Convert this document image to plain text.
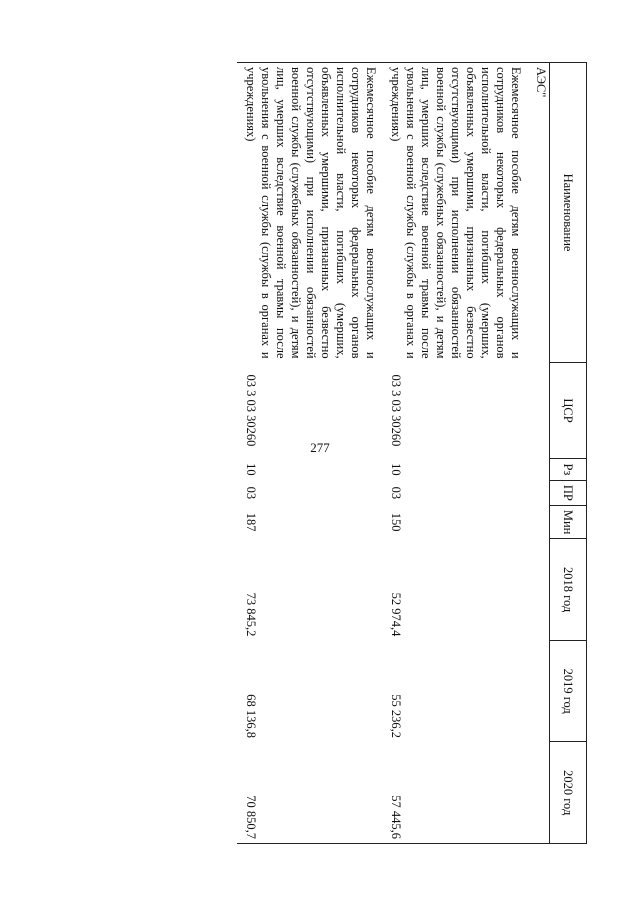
277
Наименование	ЦСР	Рз	ПР	Мин	2018 год	2019 год	2020 год
АЭС"							
Ежемесячное пособие детям военнослужащих и сотрудников некоторых федеральных органов исполнительной власти, погибших (умерших, объявленных умершими, признанных безвестно отсутствующими) при исполнении обязанностей военной службы (служебных обязанностей), и детям лиц, умерших вследствие военной травмы после увольнения с военной службы (службы в органах и учреждениях)	03 3 03 30260	10	03	150	52 974,4	55 236,2	57 445,6
Ежемесячное пособие детям военнослужащих и сотрудников некоторых федеральных органов исполнительной власти, погибших (умерших, объявленных умершими, признанных безвестно отсутствующими) при исполнении обязанностей военной службы (служебных обязанностей), и детям лиц, умерших вследствие военной травмы после увольнения с военной службы (службы в органах и учреждениях)	03 3 03 30260	10	03	187	73 845,2	68 136,8	70 850,7
